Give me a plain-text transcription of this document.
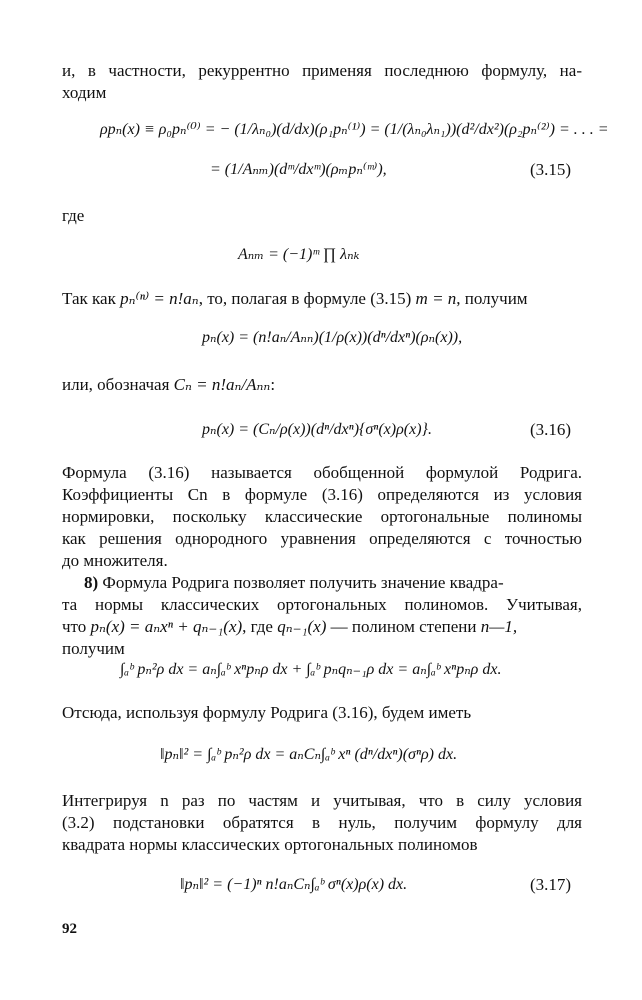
и, в частности, рекуррентно применяя последнюю формулу, на-
ходим
ρpₙ(x) ≡ ρ₀pₙ⁽⁰⁾ = − (1/λₙ₀)(d/dx)(ρ₁pₙ⁽¹⁾) = (1/(λₙ₀λₙ₁))(d²/dx²)(ρ₂pₙ⁽²⁾) = . . . =
= (1/Aₙₘ)(dᵐ/dxᵐ)(ρₘpₙ⁽ᵐ⁾),	(3.15)
где
Aₙₘ = (−1)ᵐ ∏ λₙₖ
Так как pₙ⁽ⁿ⁾ = n!aₙ, то, полагая в формуле (3.15) m = n, получим
pₙ(x) = (n!aₙ/Aₙₙ)(1/ρ(x))(dⁿ/dxⁿ)(ρₙ(x)),
или, обозначая Cₙ = n!aₙ/Aₙₙ:
pₙ(x) = (Cₙ/ρ(x))(dⁿ/dxⁿ){σⁿ(x)ρ(x)}.	(3.16)
Формула (3.16) называется обобщенной формулой Родрига.
Коэффициенты Cn в формуле (3.16) определяются из условия
нормировки, поскольку классические ортогональные полиномы
как решения однородного уравнения определяются с точностью
до множителя.
8) Формула Родрига позволяет получить значение квадра-
та нормы классических ортогональных полиномов. Учитывая,
что pₙ(x) = aₙxⁿ + qₙ₋₁(x), где qₙ₋₁(x) — полином степени n—1,
получим
∫ₐᵇ pₙ²ρ dx = aₙ∫ₐᵇ xⁿpₙρ dx + ∫ₐᵇ pₙqₙ₋₁ρ dx = aₙ∫ₐᵇ xⁿpₙρ dx.
Отсюда, используя формулу Родрига (3.16), будем иметь
‖pₙ‖² = ∫ₐᵇ pₙ²ρ dx = aₙCₙ∫ₐᵇ xⁿ (dⁿ/dxⁿ)(σⁿρ) dx.
Интегрируя n раз по частям и учитывая, что в силу условия
(3.2) подстановки обратятся в нуль, получим формулу для
квадрата нормы классических ортогональных полиномов
‖pₙ‖² = (−1)ⁿ n!aₙCₙ∫ₐᵇ σⁿ(x)ρ(x) dx.	(3.17)
92
